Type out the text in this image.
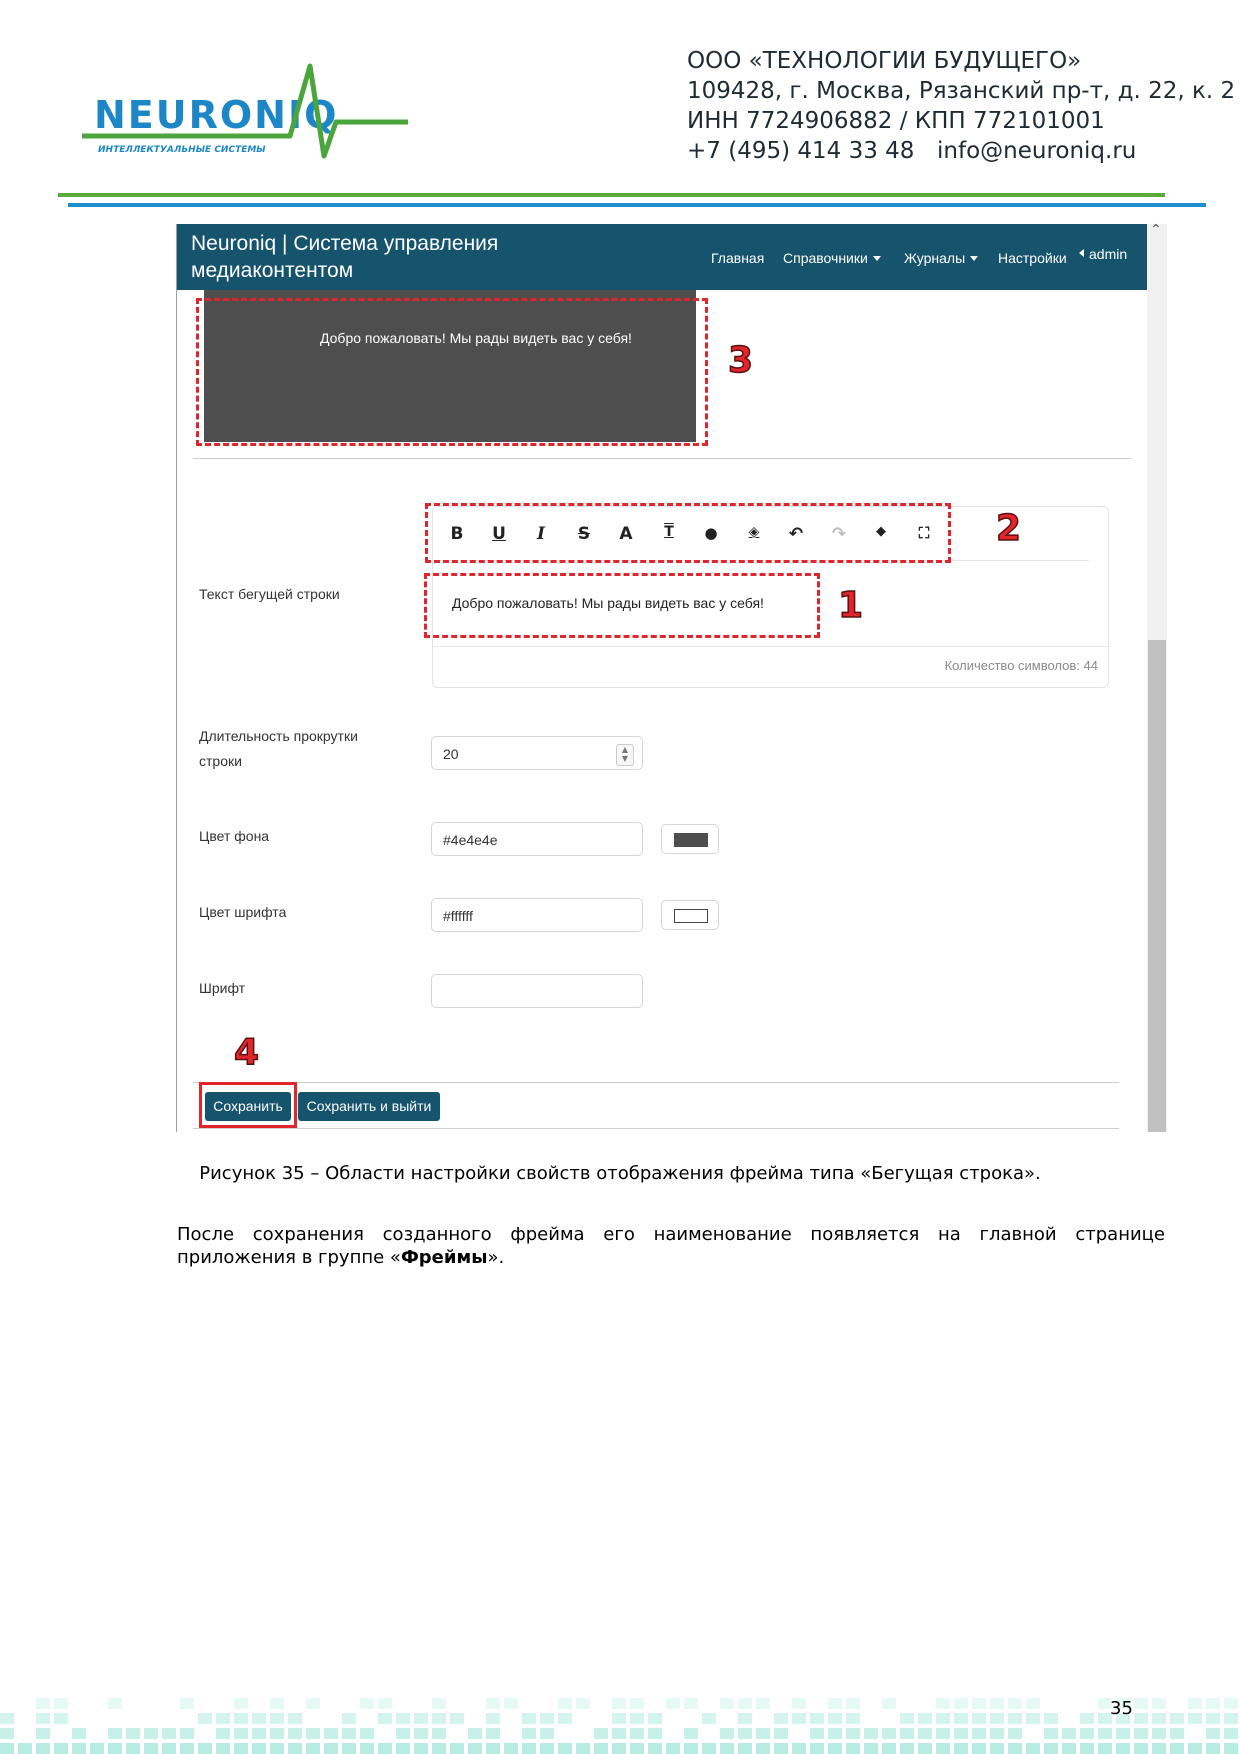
NEURONIQ
ИНТЕЛЛЕКТУАЛЬНЫЕ СИСТЕМЫ
ООО «ТЕХНОЛОГИИ БУДУЩЕГО»
109428, г. Москва, Рязанский пр-т, д. 22, к. 2
ИНН 7724906882 / КПП 772101001
+7 (495) 414 33 48 info@neuroniq.ru
⌃
Neuroniq | Система управления
медиаконтентом
Главная Справочники	Журналы	Настройки	admin
Добро пожаловать! Мы рады видеть вас у себя!
3
Текст бегущей строки
B U	I	S A	T	●	◈	↶ ↷	◆	⛶ 2
Добро пожаловать! Мы рады видеть вас у себя! 1
Количество символов: 44
Длительность прокрутки
строки	20	▲
▼
Цвет фона	#4e4e4e
Цвет шрифта	#ffffff
Шрифт
4
Сохранить	Сохранить и выйти
Рисунок 35 – Области настройки свойств отображения фрейма типа «Бегущая строка».
После сохранения созданного фрейма его наименование появляется на главной странице приложения в группе «Фреймы».
35
